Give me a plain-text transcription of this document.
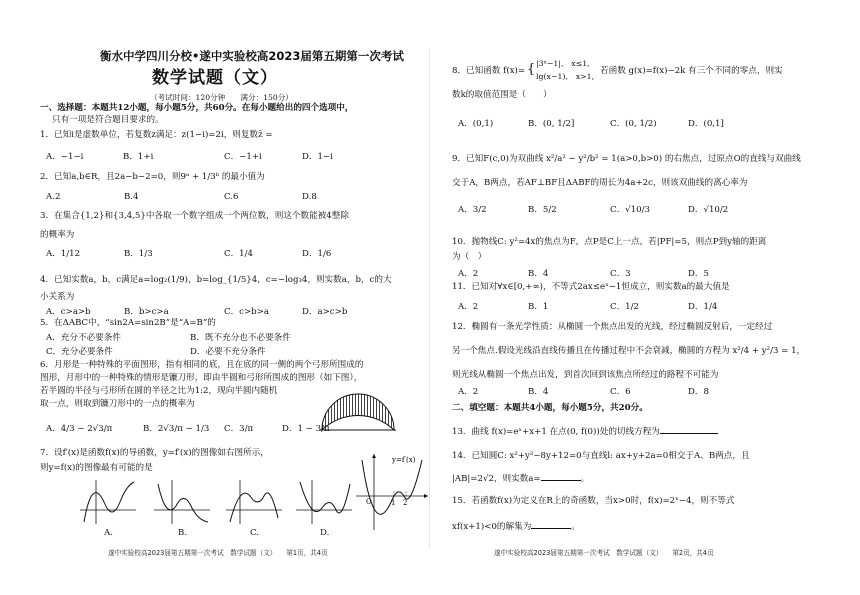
衡水中学四川分校•遂中实验校高2023届第五期第一次考试
数学试题（文）
（考试时间：120分钟　　满分：150分）
一、选择题：本题共12小题，每小题5分，共60分。在每小题给出的四个选项中，
只有一项是符合题目要求的。
1．已知i是虚数单位，若复数z满足：z(1−i)=2i，则复数z̄ =
A．−1−i	B．1+i	C．−1+i	D．1−i
2．已知a,b∈R，且2a−b−2=0，则9ᵃ + 1/3ᵇ 的最小值为
A.2	B.4	C.6	D.8
3．在集合{1,2}和{3,4,5}中各取一个数字组成一个两位数，则这个数能被4整除
的概率为
A．1/12	B．1/3	C．1/4	D．1/6
4．已知实数a，b，c满足a=log₂(1/9)，b=log_{1/5}4，c=−log₃4，则实数a，b，c的大
小关系为
A．c>a>b	B．b>c>a	C．c>b>a	D．a>c>b
5．在ΔABC中，“sin2A=sin2B”是“A=B”的
A．充分不必要条件	B．既不充分也不必要条件
C．充分必要条件	D．必要不充分条件
6．月形是一种特殊的平面图形，指有相同的底，且在底的同一侧的两个弓形所围成的
图形，月形中的一种特殊的情形是镰刀形，即由半圆和弓形所围成的图形（如下图），
若半圆的半径与弓形所在圆的半径之比为1:2，现向半圆内随机
取一点，则取到镰刀形中的一点的概率为
A．4/3 − 2√3/π	B．2√3/π − 1/3 C．3/π	D．1 − 3/π
7．设f′(x)是函数f(x)的导函数，y=f′(x)的图像如右图所示，
则y=f(x)的图像最有可能的是
O	1 2
y=f′(x)
A.	B.	C.	D.
遂中实验校高2023届第五期第一次考试　数学试题（文）　　第1页，共4页
8．已知函数 f(x)= { |3ˣ−1|,　x≤1,
lg(x−1),　x>1,
若函数 g(x)=f(x)−2k 有三个不同的零点，则实
数k的取值范围是（　　）
A．(0,1)	B．(0, 1/2]	C．(0, 1/2)	D．(0,1]
9．已知F(c,0)为双曲线 x²/a² − y²/b² = 1(a>0,b>0) 的右焦点，过原点O的直线与双曲线
交于A，B两点，若AF⊥BF且ΔABF的周长为4a+2c，则该双曲线的离心率为
A．3/2	B．5/2	C．√10/3	D．√10/2
10．抛物线C: y²=4x的焦点为F，点P是C上一点，若|PF|=5，则点P到y轴的距离
为（　）
A．2	B．4	C．3	D．5
11．已知对∀x∈[0,+∞)，不等式2ax≤eˣ−1恒成立，则实数a的最大值是
A．2	B．1	C．1/2	D．1/4
12．椭圆有一条光学性质：从椭圆一个焦点出发的光线，经过椭圆反射后，一定经过
另一个焦点.假设光线沿直线传播且在传播过程中不会衰减，椭圆的方程为 x²/4 + y²/3 = 1，
则光线从椭圆一个焦点出发，到首次回到该焦点所经过的路程不可能为
A．2	B．4	C．6	D．8
二、填空题：本题共4小题，每小题5分，共20分。
13．曲线 f(x)=eˣ+x+1 在点(0, f(0))处的切线方程为
14．已知圆C: x²+y²−8y+12=0与直线l: ax+y+2a=0相交于A、B两点，且
|AB|=2√2，则实数a=	。
15．若函数f(x)为定义在R上的奇函数，当x>0时，f(x)=2ˣ−4，则不等式
xf(x+1)<0的解集为	。
遂中实验校高2023届第五期第一次考试　数学试题（文）　　第2页，共4页
